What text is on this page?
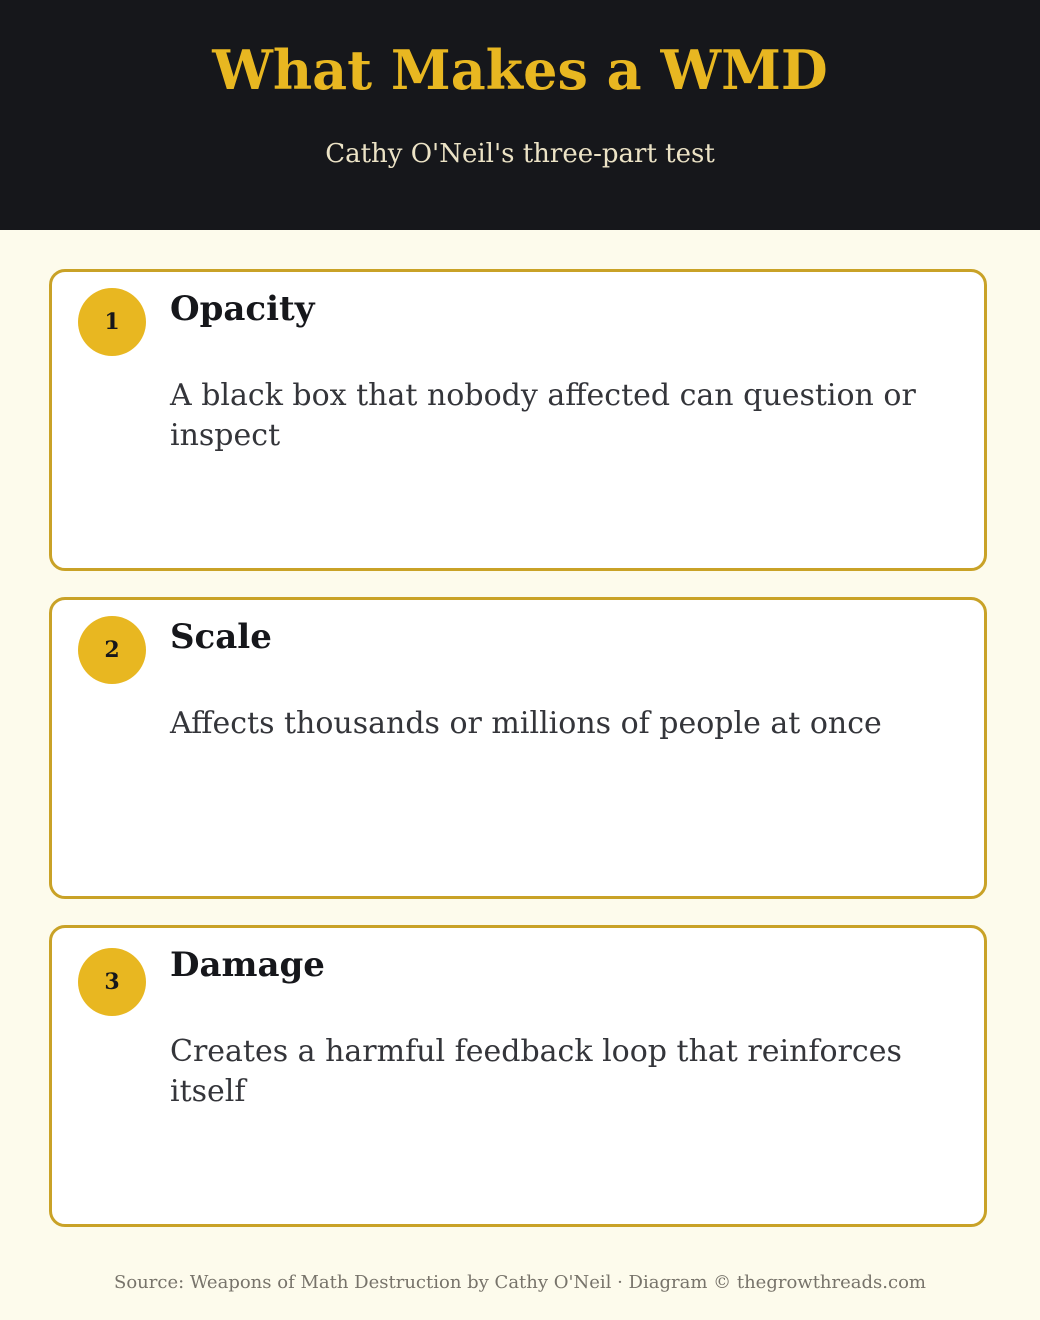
What Makes a WMD
Cathy O'Neil's three-part test
1	Opacity
A black box that nobody affected can question or inspect
2	Scale
Affects thousands or millions of people at once
3	Damage
Creates a harmful feedback loop that reinforces itself
Source: Weapons of Math Destruction by Cathy O'Neil · Diagram © thegrowthreads.com
